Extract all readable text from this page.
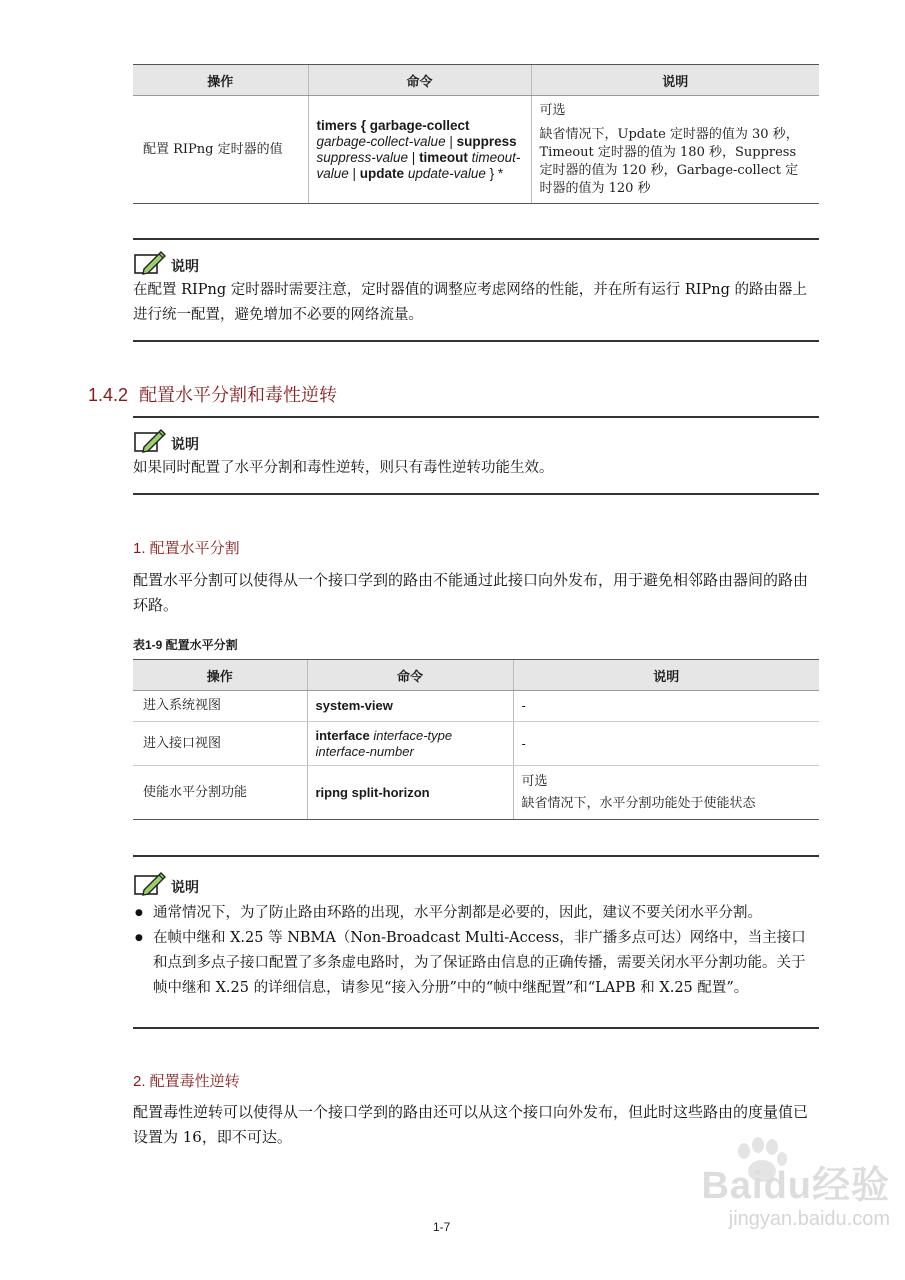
操作	命令	说明
配置 RIPng 定时器的值	timers { garbage-collect garbage-collect-value | suppress suppress-value | timeout timeout-value | update update-value } *	可选
缺省情况下，Update 定时器的值为 30 秒，Timeout 定时器的值为 180 秒，Suppress 定时器的值为 120 秒，Garbage-collect 定时器的值为 120 秒
说明
在配置 RIPng 定时器时需要注意，定时器值的调整应考虑网络的性能，并在所有运行 RIPng 的路由器上进行统一配置，避免增加不必要的网络流量。
1.4.2 配置水平分割和毒性逆转
说明
如果同时配置了水平分割和毒性逆转，则只有毒性逆转功能生效。
1. 配置水平分割
配置水平分割可以使得从一个接口学到的路由不能通过此接口向外发布，用于避免相邻路由器间的路由环路。
表1-9 配置水平分割
操作	命令	说明
进入系统视图	system-view	-
进入接口视图	interface interface-type interface-number	-
使能水平分割功能	ripng split-horizon	可选
缺省情况下，水平分割功能处于使能状态
说明
● 通常情况下，为了防止路由环路的出现，水平分割都是必要的，因此，建议不要关闭水平分割。
● 在帧中继和 X.25 等 NBMA（Non-Broadcast Multi-Access，非广播多点可达）网络中，当主接口和点到多点子接口配置了多条虚电路时，为了保证路由信息的正确传播，需要关闭水平分割功能。关于帧中继和 X.25 的详细信息，请参见“接入分册”中的“帧中继配置”和“LAPB 和 X.25 配置”。
2. 配置毒性逆转
配置毒性逆转可以使得从一个接口学到的路由还可以从这个接口向外发布，但此时这些路由的度量值已设置为 16，即不可达。
1-7
Baidu经验
jingyan.baidu.com
